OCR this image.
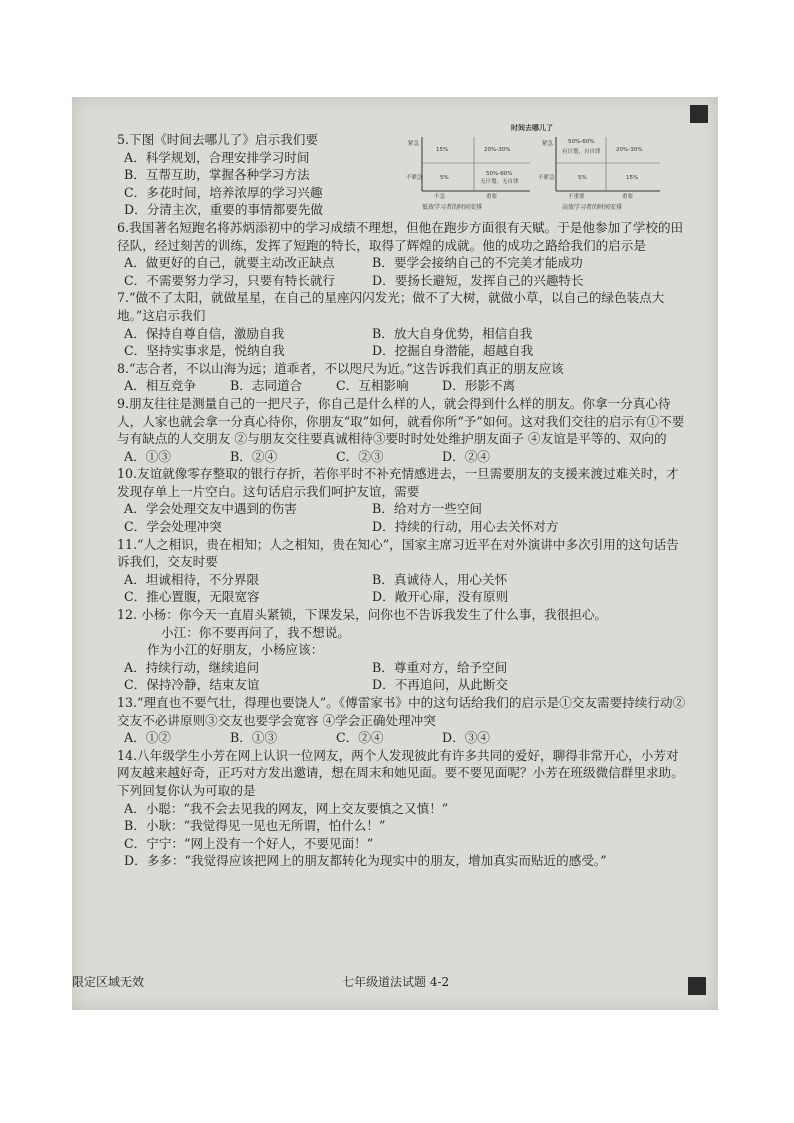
时间去哪儿了
紧急
不紧急
15%	20%-30%
5%
50%-60%
无计划，无自律
不急	重要
低效学习者的时间安排
紧急
不紧急
50%-60%
有计划，自自律	20%-30%
5%	15%
不重要	重要
高效学习者的时间安排
5.下图《时间去哪儿了》启示我们要
A．科学规划，合理安排学习时间
B．互帮互助，掌握各种学习方法
C．多花时间，培养浓厚的学习兴趣
D．分清主次，重要的事情都要先做
6.我国著名短跑名将苏炳添初中的学习成绩不理想，但他在跑步方面很有天赋。于是他参加了学校的田径队，经过刻苦的训练，发挥了短跑的特长，取得了辉煌的成就。他的成功之路给我们的启示是
A．做更好的自己，就要主动改正缺点	B．要学会接纳自己的不完美才能成功
C．不需要努力学习，只要有特长就行	D．要扬长避短，发挥自己的兴趣特长
7.“做不了太阳，就做星星，在自己的星座闪闪发光；做不了大树，就做小草，以自己的绿色装点大地。”这启示我们
A．保持自尊自信，激励自我	B．放大自身优势，相信自我
C．坚持实事求是，悦纳自我	D．挖掘自身潜能，超越自我
8.“志合者，不以山海为远；道乖者，不以咫尺为近。”这告诉我们真正的朋友应该
A．相互竞争	B．志同道合	C．互相影响	D．形影不离
9.朋友往往是测量自己的一把尺子，你自己是什么样的人，就会得到什么样的朋友。你拿一分真心待人，人家也就会拿一分真心待你，你朋友“取”如何，就看你所“予”如何。这对我们交往的启示有①不要与有缺点的人交朋友 ②与朋友交往要真诚相待③要时时处处维护朋友面子 ④友谊是平等的、双向的
A．①③	B．②④	C．②③	D．②④
10.友谊就像零存整取的银行存折，若你平时不补充情感进去，一旦需要朋友的支援来渡过难关时，才发现存单上一片空白。这句话启示我们呵护友谊，需要
A．学会处理交友中遇到的伤害	B．给对方一些空间
C．学会处理冲突	D．持续的行动，用心去关怀对方
11.“人之相识，贵在相知；人之相知，贵在知心”，国家主席习近平在对外演讲中多次引用的这句话告诉我们，交友时要
A．坦诚相待，不分界限	B．真诚待人，用心关怀
C．推心置腹，无限宽容	D．敞开心扉，没有原则
12. 小杨：你今天一直眉头紧锁，下课发呆，问你也不告诉我发生了什么事，我很担心。
小江：你不要再问了，我不想说。
作为小江的好朋友，小杨应该：
A．持续行动，继续追问	B．尊重对方，给予空间
C．保持冷静，结束友谊	D．不再追问，从此断交
13.“理直也不要气壮，得理也要饶人”。《傅雷家书》中的这句话给我们的启示是①交友需要持续行动②交友不必讲原则③交友也要学会宽容 ④学会正确处理冲突
A．①②	B．①③	C．②④	D．③④
14.八年级学生小芳在网上认识一位网友，两个人发现彼此有许多共同的爱好，聊得非常开心，小芳对网友越来越好奇，正巧对方发出邀请，想在周末和她见面。要不要见面呢？小芳在班级微信群里求助。下列回复你认为可取的是
A．小聪：“我不会去见我的网友，网上交友要慎之又慎！”
B．小耿：“我觉得见一见也无所谓，怕什么！”
C．宁宁：“网上没有一个好人，不要见面！”
D．多多：“我觉得应该把网上的朋友都转化为现实中的朋友，增加真实而贴近的感受。”
限定区域无效	七年级道法试题 4-2
